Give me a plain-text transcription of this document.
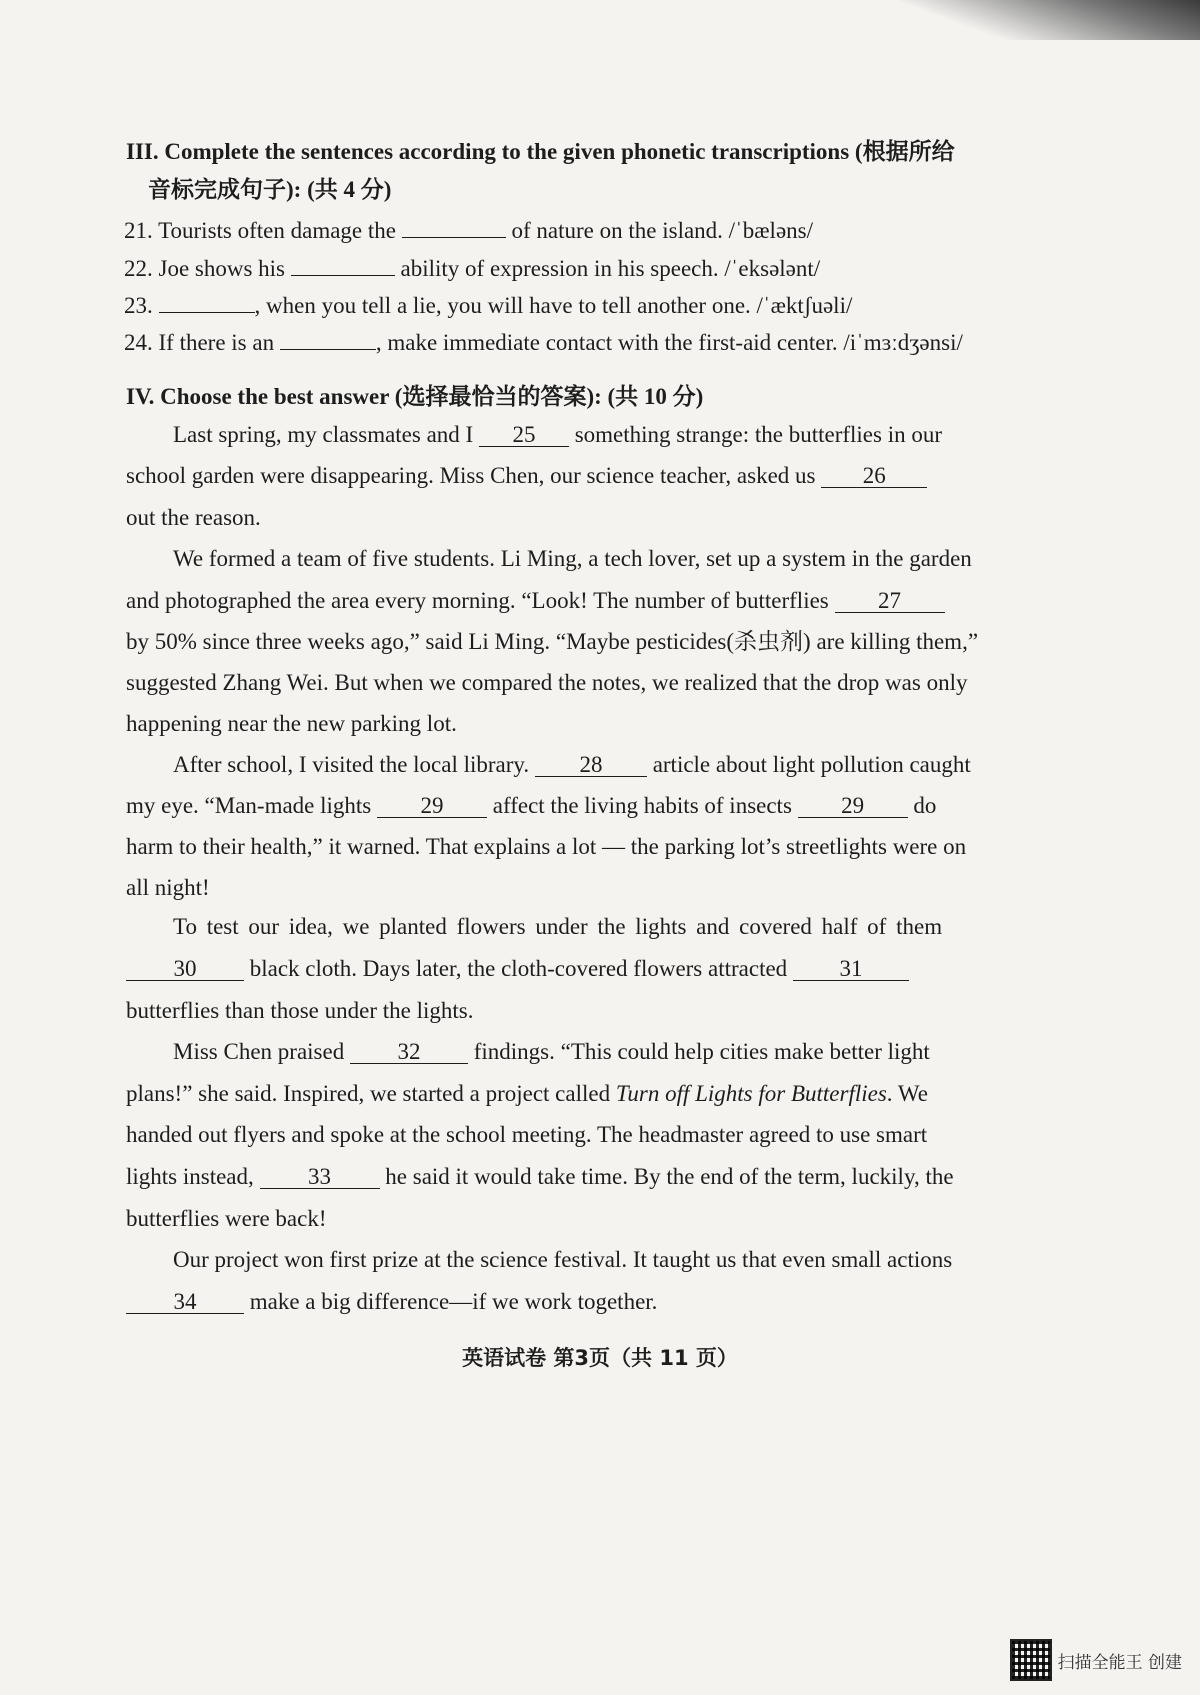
III. Complete the sentences according to the given phonetic transcriptions (根据所给
音标完成句子): (共 4 分)
21. Tourists often damage the	of nature on the island. /ˈbæləns/
22. Joe shows his	ability of expression in his speech. /ˈeksələnt/
23.	, when you tell a lie, you will have to tell another one. /ˈæktʃuəli/
24. If there is an	, make immediate contact with the first-aid center. /iˈmɜːdʒənsi/
IV. Choose the best answer (选择最恰当的答案): (共 10 分)
Last spring, my classmates and I 25 something strange: the butterflies in our
school garden were disappearing. Miss Chen, our science teacher, asked us 26
out the reason.
We formed a team of five students. Li Ming, a tech lover, set up a system in the garden
and photographed the area every morning. “Look! The number of butterflies 27
by 50% since three weeks ago,” said Li Ming. “Maybe pesticides(杀虫剂) are killing them,”
suggested Zhang Wei. But when we compared the notes, we realized that the drop was only
happening near the new parking lot.
After school, I visited the local library. 28 article about light pollution caught
my eye. “Man-made lights 29 affect the living habits of insects 29 do
harm to their health,” it warned. That explains a lot — the parking lot’s streetlights were on
all night!
To test our idea, we planted flowers under the lights and covered half of them
30 black cloth. Days later, the cloth-covered flowers attracted 31
butterflies than those under the lights.
Miss Chen praised 32 findings. “This could help cities make better light
plans!” she said. Inspired, we started a project called Turn off Lights for Butterflies. We
handed out flyers and spoke at the school meeting. The headmaster agreed to use smart
lights instead, 33 he said it would take time. By the end of the term, luckily, the
butterflies were back!
Our project won first prize at the science festival. It taught us that even small actions
34 make a big difference—if we work together.
英语试卷 第3页（共 11 页）
扫描全能王 创建
